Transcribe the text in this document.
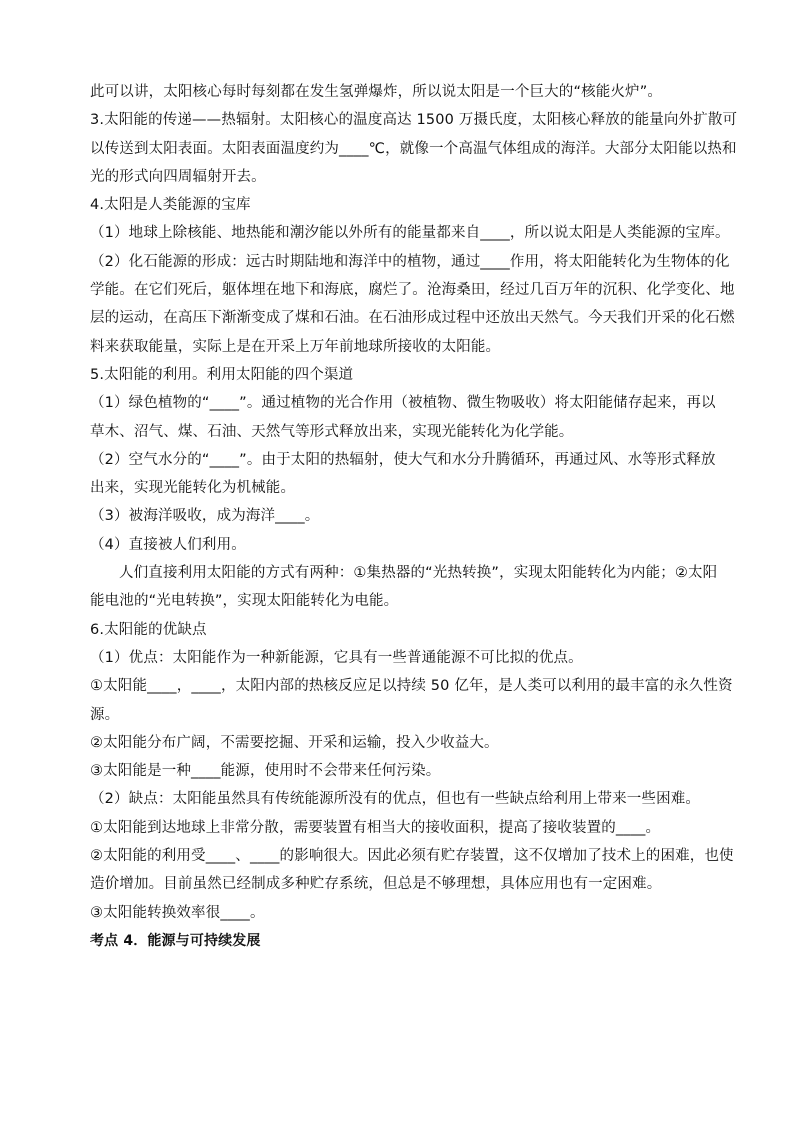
此可以讲，太阳核心每时每刻都在发生氢弹爆炸，所以说太阳是一个巨大的“核能火炉”。
3.太阳能的传递——热辐射。太阳核心的温度高达 1500 万摄氏度，太阳核心释放的能量向外扩散可
以传送到太阳表面。太阳表面温度约为____℃，就像一个高温气体组成的海洋。大部分太阳能以热和
光的形式向四周辐射开去。
4.太阳是人类能源的宝库
（1）地球上除核能、地热能和潮汐能以外所有的能量都来自____，所以说太阳是人类能源的宝库。
（2）化石能源的形成：远古时期陆地和海洋中的植物，通过____作用，将太阳能转化为生物体的化
学能。在它们死后，躯体埋在地下和海底，腐烂了。沧海桑田，经过几百万年的沉积、化学变化、地
层的运动，在高压下渐渐变成了煤和石油。在石油形成过程中还放出天然气。今天我们开采的化石燃
料来获取能量，实际上是在开采上万年前地球所接收的太阳能。
5.太阳能的利用。利用太阳能的四个渠道
（1）绿色植物的“____”。通过植物的光合作用（被植物、微生物吸收）将太阳能储存起来，再以
草木、沼气、煤、石油、天然气等形式释放出来，实现光能转化为化学能。
（2）空气水分的“____”。由于太阳的热辐射，使大气和水分升腾循环，再通过风、水等形式释放
出来，实现光能转化为机械能。
（3）被海洋吸收，成为海洋____。
（4）直接被人们利用。
人们直接利用太阳能的方式有两种：①集热器的“光热转换”，实现太阳能转化为内能；②太阳
能电池的“光电转换”，实现太阳能转化为电能。
6.太阳能的优缺点
（1）优点：太阳能作为一种新能源，它具有一些普通能源不可比拟的优点。
①太阳能____，____，太阳内部的热核反应足以持续 50 亿年，是人类可以利用的最丰富的永久性资
源。
②太阳能分布广阔，不需要挖掘、开采和运输，投入少收益大。
③太阳能是一种____能源，使用时不会带来任何污染。
（2）缺点：太阳能虽然具有传统能源所没有的优点，但也有一些缺点给利用上带来一些困难。
①太阳能到达地球上非常分散，需要装置有相当大的接收面积，提高了接收装置的____。
②太阳能的利用受____、____的影响很大。因此必须有贮存装置，这不仅增加了技术上的困难，也使
造价增加。目前虽然已经制成多种贮存系统，但总是不够理想，具体应用也有一定困难。
③太阳能转换效率很____。
考点 4．能源与可持续发展
